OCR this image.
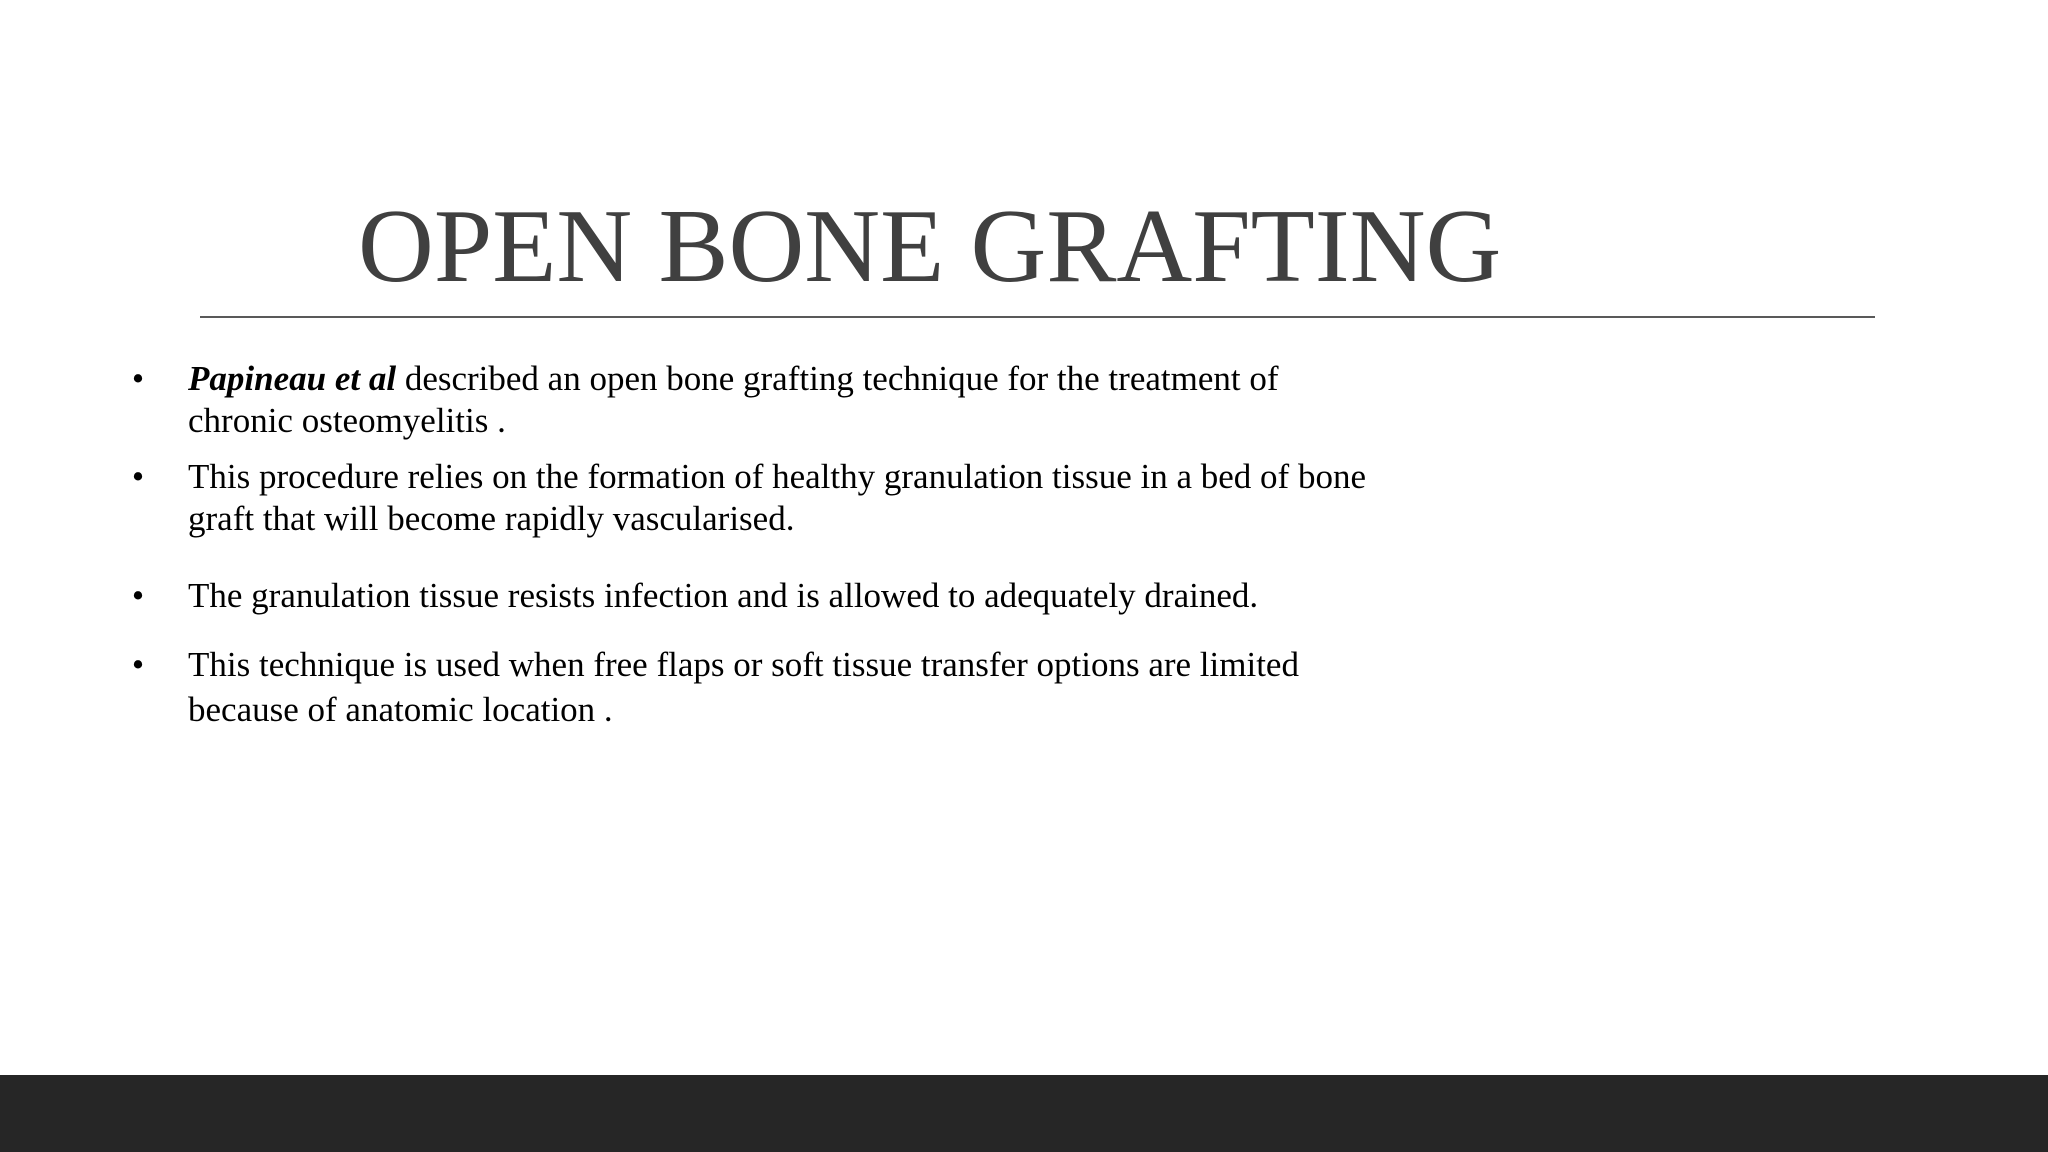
OPEN BONE GRAFTING
• Papineau et al described an open bone grafting technique for the treatment of
chronic osteomyelitis .
• This procedure relies on the formation of healthy granulation tissue in a bed of bone
graft that will become rapidly vascularised.
• The granulation tissue resists infection and is allowed to adequately drained.
• This technique is used when free flaps or soft tissue transfer options are limited
because of anatomic location .
